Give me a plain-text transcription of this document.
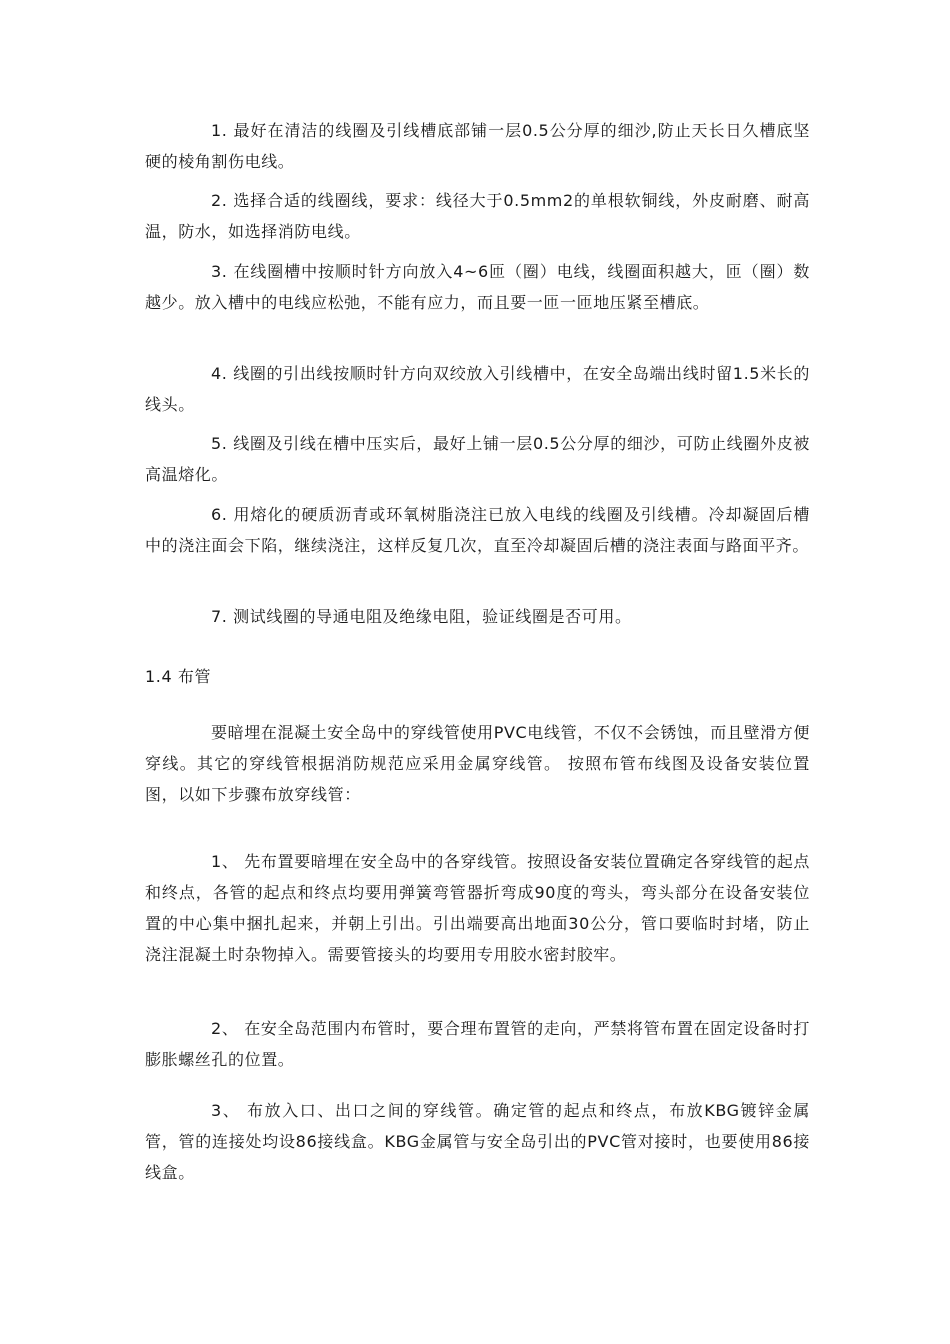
1. 最好在清洁的线圈及引线槽底部铺一层0.5公分厚的细沙,防止天长日久槽底坚硬的棱角割伤电线。

2. 选择合适的线圈线，要求：线径大于0.5mm2的单根软铜线，外皮耐磨、耐高温，防水，如选择消防电线。

3. 在线圈槽中按顺时针方向放入4~6匝（圈）电线，线圈面积越大，匝（圈）数越少。放入槽中的电线应松弛，不能有应力，而且要一匝一匝地压紧至槽底。

4. 线圈的引出线按顺时针方向双绞放入引线槽中，在安全岛端出线时留1.5米长的线头。

5. 线圈及引线在槽中压实后，最好上铺一层0.5公分厚的细沙，可防止线圈外皮被高温熔化。

6. 用熔化的硬质沥青或环氧树脂浇注已放入电线的线圈及引线槽。冷却凝固后槽中的浇注面会下陷，继续浇注，这样反复几次，直至冷却凝固后槽的浇注表面与路面平齐。

7. 测试线圈的导通电阻及绝缘电阻，验证线圈是否可用。

1.4 布管

要暗埋在混凝土安全岛中的穿线管使用PVC电线管，不仅不会锈蚀，而且壁滑方便穿线。其它的穿线管根据消防规范应采用金属穿线管。 按照布管布线图及设备安装位置图，以如下步骤布放穿线管：

1、 先布置要暗埋在安全岛中的各穿线管。按照设备安装位置确定各穿线管的起点和终点，各管的起点和终点均要用弹簧弯管器折弯成90度的弯头，弯头部分在设备安装位置的中心集中捆扎起来，并朝上引出。引出端要高出地面30公分，管口要临时封堵，防止浇注混凝土时杂物掉入。需要管接头的均要用专用胶水密封胶牢。

2、 在安全岛范围内布管时，要合理布置管的走向，严禁将管布置在固定设备时打膨胀螺丝孔的位置。

3、 布放入口、出口之间的穿线管。确定管的起点和终点，布放KBG镀锌金属管，管的连接处均设86接线盒。KBG金属管与安全岛引出的PVC管对接时，也要使用86接线盒。
